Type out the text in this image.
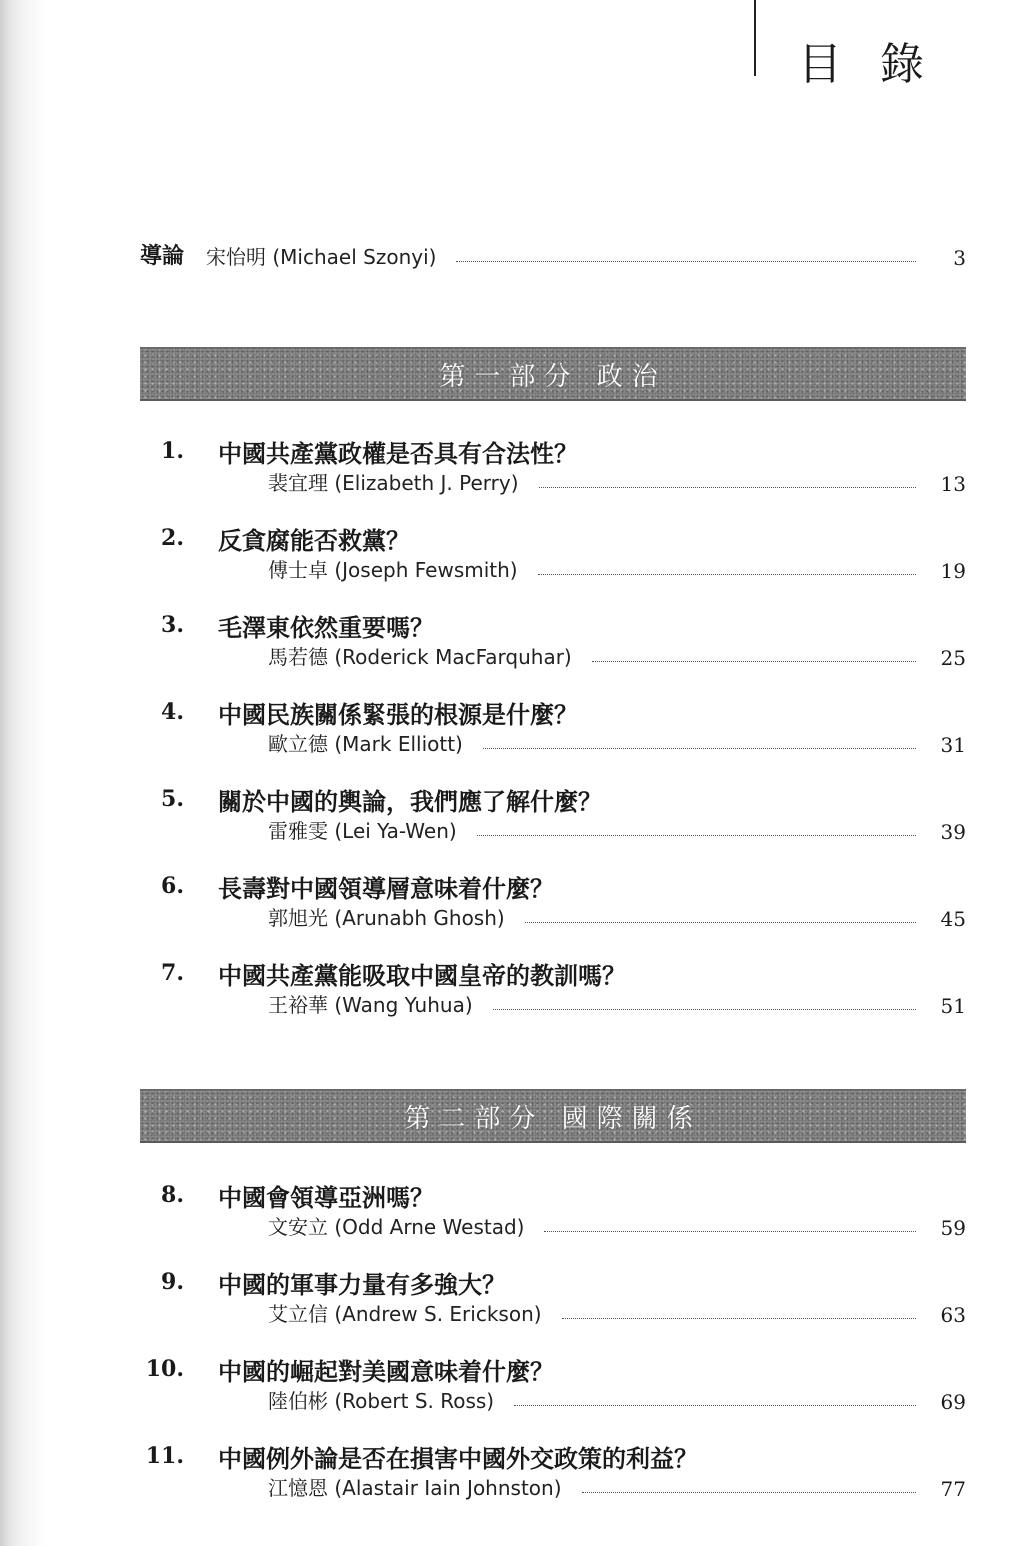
目 錄
導論 宋怡明 (Michael Szonyi)	3
第一部分 政治
1. 中國共產黨政權是否具有合法性？
裴宜理 (Elizabeth J. Perry)	13
2. 反貪腐能否救黨？
傅士卓 (Joseph Fewsmith)	19
3. 毛澤東依然重要嗎？
馬若德 (Roderick MacFarquhar)	25
4. 中國民族關係緊張的根源是什麼？
歐立德 (Mark Elliott)	31
5. 關於中國的輿論，我們應了解什麼？
雷雅雯 (Lei Ya-Wen)	39
6. 長壽對中國領導層意味着什麼？
郭旭光 (Arunabh Ghosh)	45
7. 中國共產黨能吸取中國皇帝的教訓嗎？
王裕華 (Wang Yuhua)	51
第二部分 國際關係
8. 中國會領導亞洲嗎？
文安立 (Odd Arne Westad)	59
9. 中國的軍事力量有多強大？
艾立信 (Andrew S. Erickson)	63
10. 中國的崛起對美國意味着什麼？
陸伯彬 (Robert S. Ross)	69
11. 中國例外論是否在損害中國外交政策的利益？
江憶恩 (Alastair Iain Johnston)	77
